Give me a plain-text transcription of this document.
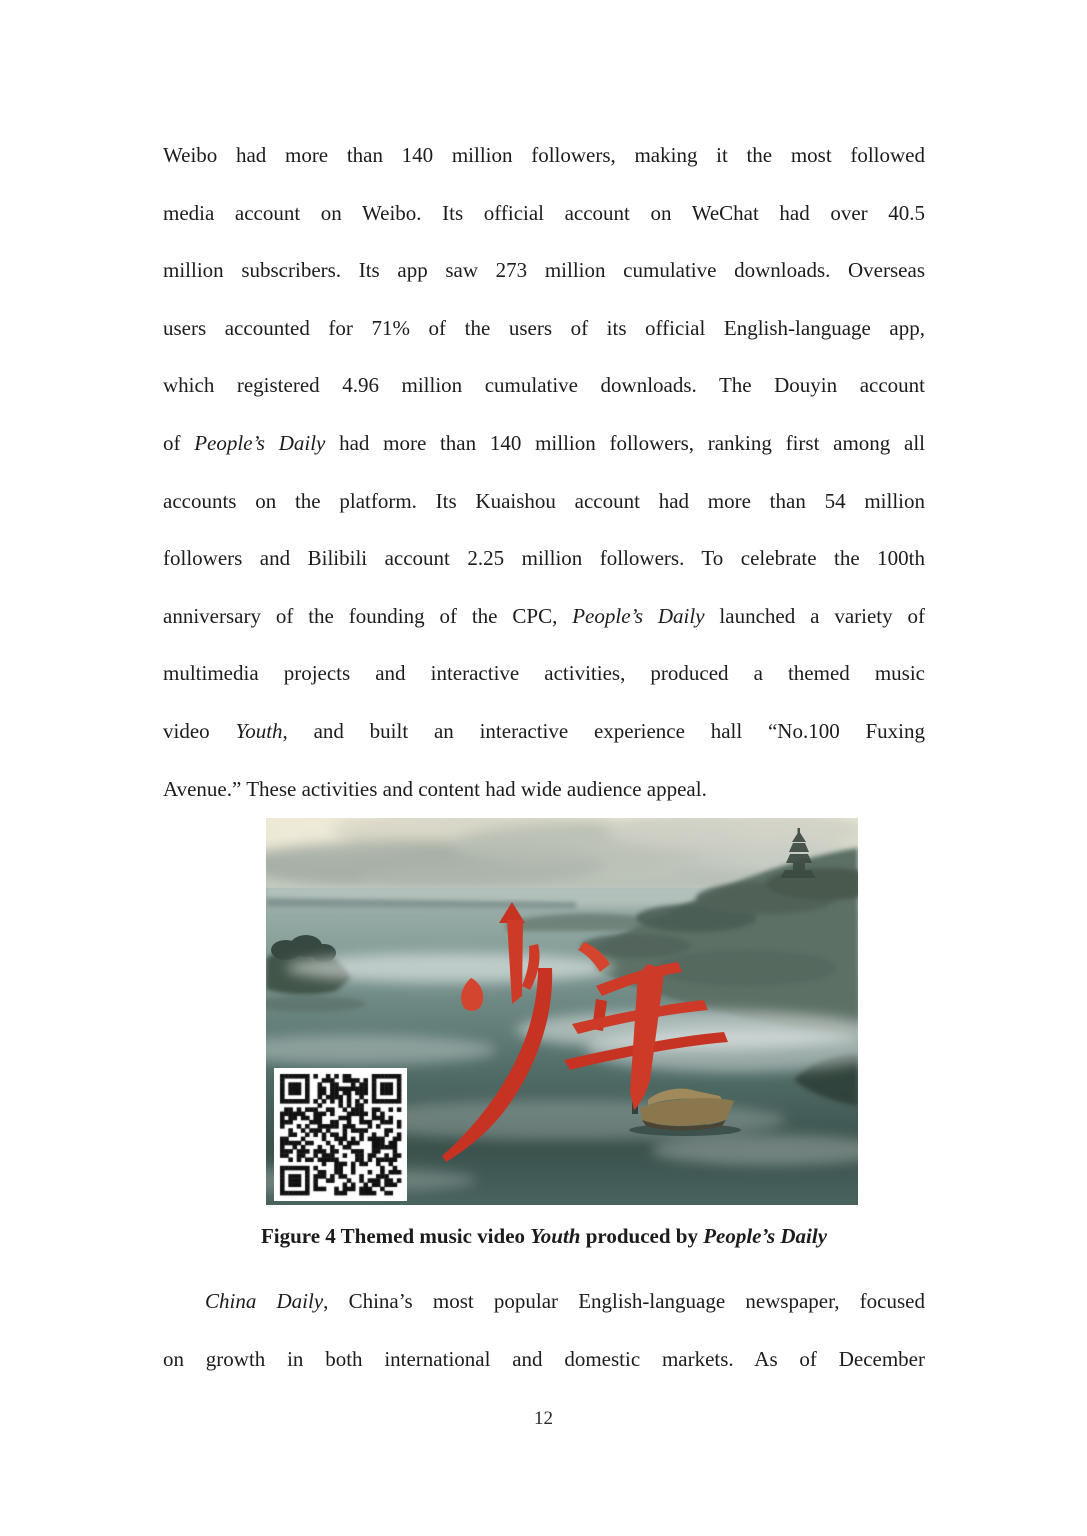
Weibo had more than 140 million followers, making it the most followed
media account on Weibo. Its official account on WeChat had over 40.5
million subscribers. Its app saw 273 million cumulative downloads. Overseas
users accounted for 71% of the users of its official English-language app,
which registered 4.96 million cumulative downloads. The Douyin account
of People’s Daily had more than 140 million followers, ranking first among all
accounts on the platform. Its Kuaishou account had more than 54 million
followers and Bilibili account 2.25 million followers. To celebrate the 100th
anniversary of the founding of the CPC, People’s Daily launched a variety of
multimedia projects and interactive activities, produced a themed music
video Youth, and built an interactive experience hall “No.100 Fuxing
Avenue.” These activities and content had wide audience appeal.
Figure 4 Themed music video Youth produced by People’s Daily
China Daily, China’s most popular English-language newspaper, focused
on growth in both international and domestic markets. As of December
12
